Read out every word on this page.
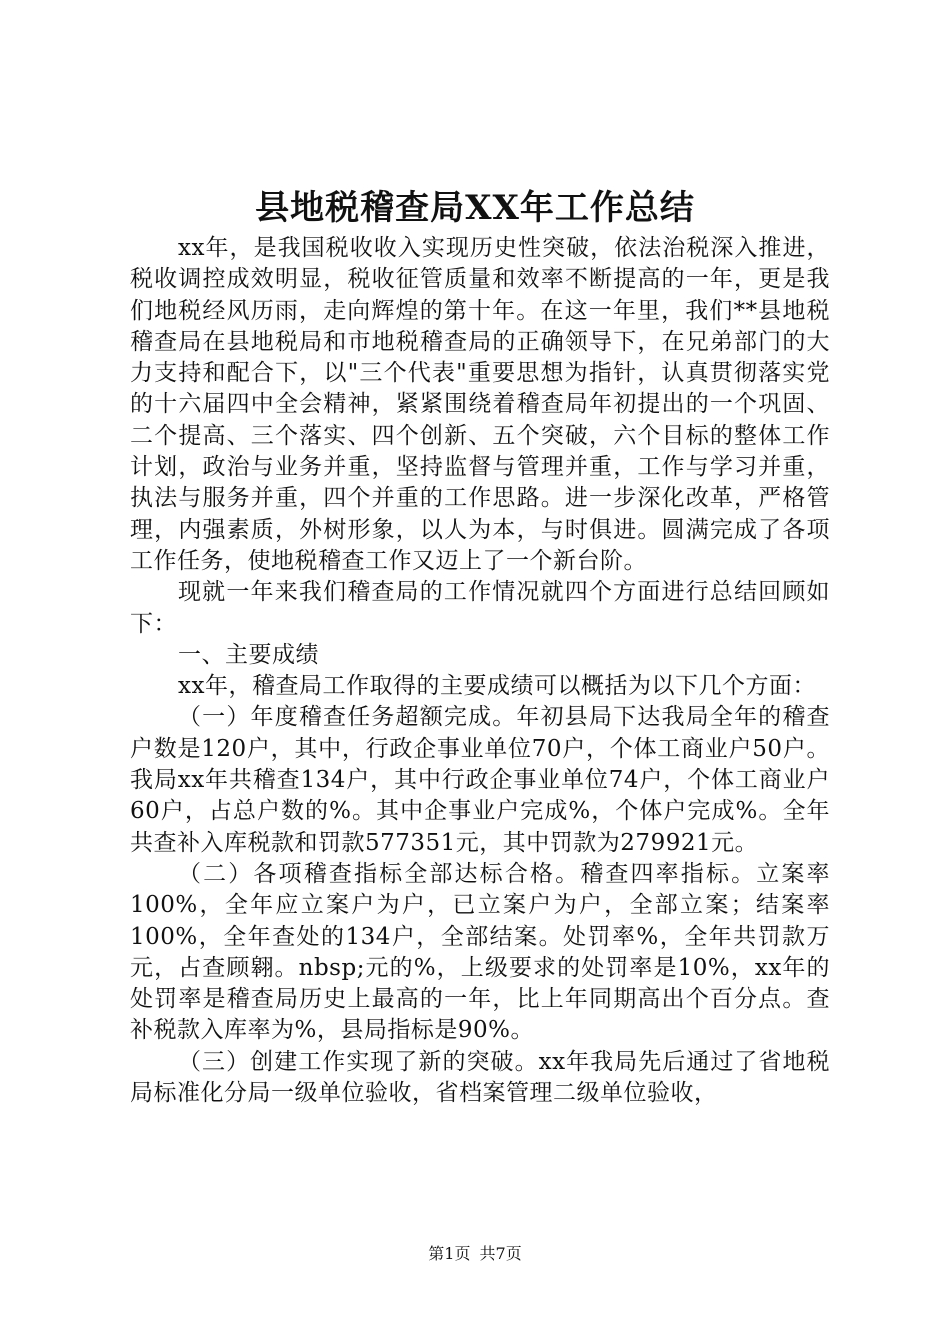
县地税稽查局XX年工作总结

xx年，是我国税收收入实现历史性突破，依法治税深入推进，税收调控成效明显，税收征管质量和效率不断提高的一年，更是我们地税经风历雨，走向辉煌的第十年。在这一年里，我们**县地税稽查局在县地税局和市地税稽查局的正确领导下，在兄弟部门的大力支持和配合下，以"三个代表"重要思想为指针，认真贯彻落实党的十六届四中全会精神，紧紧围绕着稽查局年初提出的一个巩固、二个提高、三个落实、四个创新、五个突破，六个目标的整体工作计划，政治与业务并重，坚持监督与管理并重，工作与学习并重，执法与服务并重，四个并重的工作思路。进一步深化改革，严格管理，内强素质，外树形象，以人为本，与时俱进。圆满完成了各项工作任务，使地税稽查工作又迈上了一个新台阶。

现就一年来我们稽查局的工作情况就四个方面进行总结回顾如下：

一、主要成绩

xx年，稽查局工作取得的主要成绩可以概括为以下几个方面：

（一）年度稽查任务超额完成。年初县局下达我局全年的稽查户数是120户，其中，行政企事业单位70户，个体工商业户50户。我局xx年共稽查134户，其中行政企事业单位74户，个体工商业户60户，占总户数的%。其中企事业户完成%，个体户完成%。全年共查补入库税款和罚款577351元，其中罚款为279921元。

（二）各项稽查指标全部达标合格。稽查四率指标。立案率100%，全年应立案户为户，已立案户为户，全部立案；结案率100%，全年查处的134户，全部结案。处罚率%，全年共罚款万元，占查顾翱。nbsp;元的%，上级要求的处罚率是10%，xx年的处罚率是稽查局历史上最高的一年，比上年同期高出个百分点。查补税款入库率为%，县局指标是90%。

（三）创建工作实现了新的突破。xx年我局先后通过了省地税局标准化分局一级单位验收，省档案管理二级单位验收，

第1页 共7页
